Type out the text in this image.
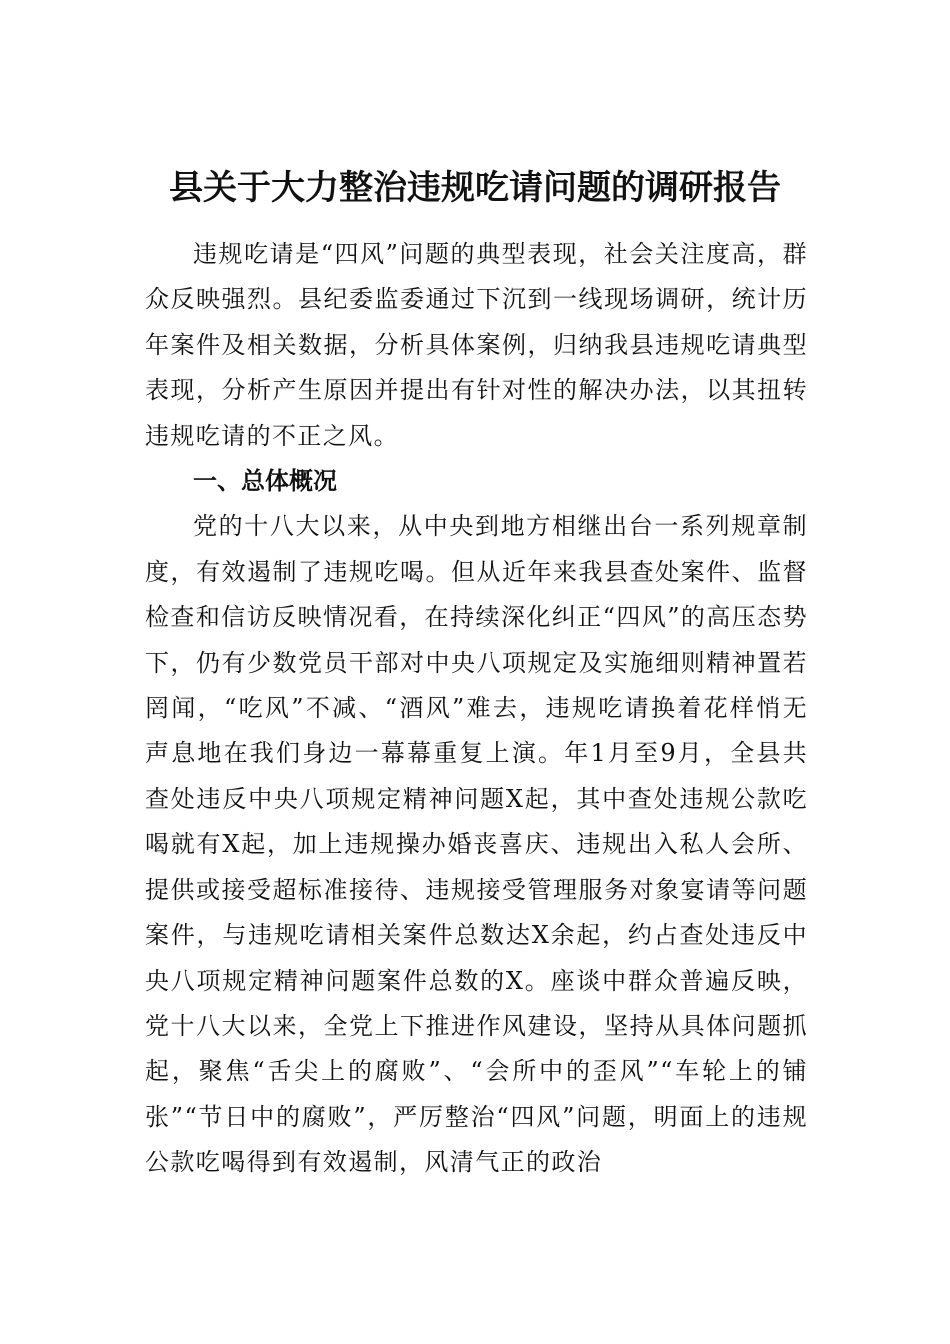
县关于大力整治违规吃请问题的调研报告

违规吃请是“四风”问题的典型表现，社会关注度高，群众反映强烈。县纪委监委通过下沉到一线现场调研，统计历年案件及相关数据，分析具体案例，归纳我县违规吃请典型表现，分析产生原因并提出有针对性的解决办法，以其扭转违规吃请的不正之风。

一、总体概况

党的十八大以来，从中央到地方相继出台一系列规章制度，有效遏制了违规吃喝。但从近年来我县查处案件、监督检查和信访反映情况看，在持续深化纠正“四风”的高压态势下，仍有少数党员干部对中央八项规定及实施细则精神置若罔闻，“吃风”不减、“酒风”难去，违规吃请换着花样悄无声息地在我们身边一幕幕重复上演。年1月至9月，全县共查处违反中央八项规定精神问题X起，其中查处违规公款吃喝就有X起，加上违规操办婚丧喜庆、违规出入私人会所、提供或接受超标准接待、违规接受管理服务对象宴请等问题案件，与违规吃请相关案件总数达X余起，约占查处违反中央八项规定精神问题案件总数的X。座谈中群众普遍反映，党十八大以来，全党上下推进作风建设，坚持从具体问题抓起，聚焦“舌尖上的腐败”、“会所中的歪风”“车轮上的铺张”“节日中的腐败”，严厉整治“四风”问题，明面上的违规公款吃喝得到有效遏制，风清气正的政治
